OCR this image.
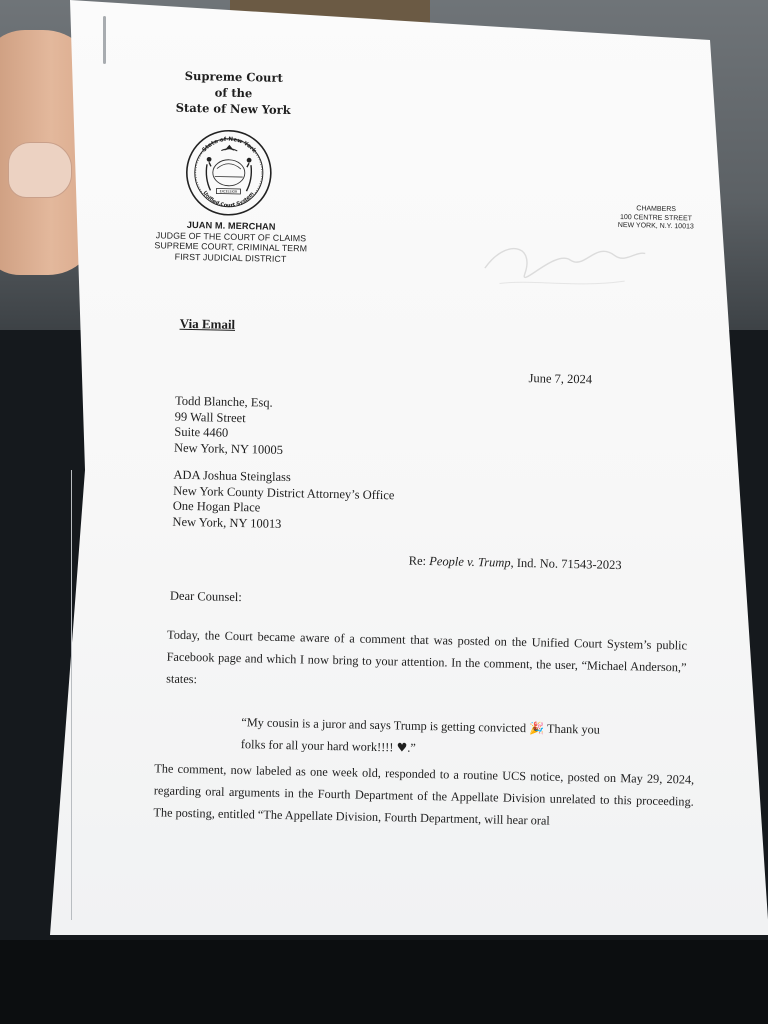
Supreme Court
of the
State of New York
EXCELSIOR
State of New York
Unified Court System
JUAN M. MERCHAN
JUDGE OF THE COURT OF CLAIMS
SUPREME COURT, CRIMINAL TERM
FIRST JUDICIAL DISTRICT
CHAMBERS
100 CENTRE STREET
NEW YORK, N.Y. 10013
Via Email
June 7, 2024
Todd Blanche, Esq.
99 Wall Street
Suite 4460
New York, NY 10005
ADA Joshua Steinglass
New York County District Attorney’s Office
One Hogan Place
New York, NY 10013
Re: People v. Trump, Ind. No. 71543-2023
Dear Counsel:
Today, the Court became aware of a comment that was posted on the Unified Court System’s public Facebook page and which I now bring to your attention. In the comment, the user, “Michael Anderson,” states:
“My cousin is a juror and says Trump is getting convicted 🎉 Thank you folks for all your hard work!!!! ♥.”
The comment, now labeled as one week old, responded to a routine UCS notice, posted on May 29, 2024, regarding oral arguments in the Fourth Department of the Appellate Division unrelated to this proceeding. The posting, entitled “The Appellate Division, Fourth Department, will hear oral
